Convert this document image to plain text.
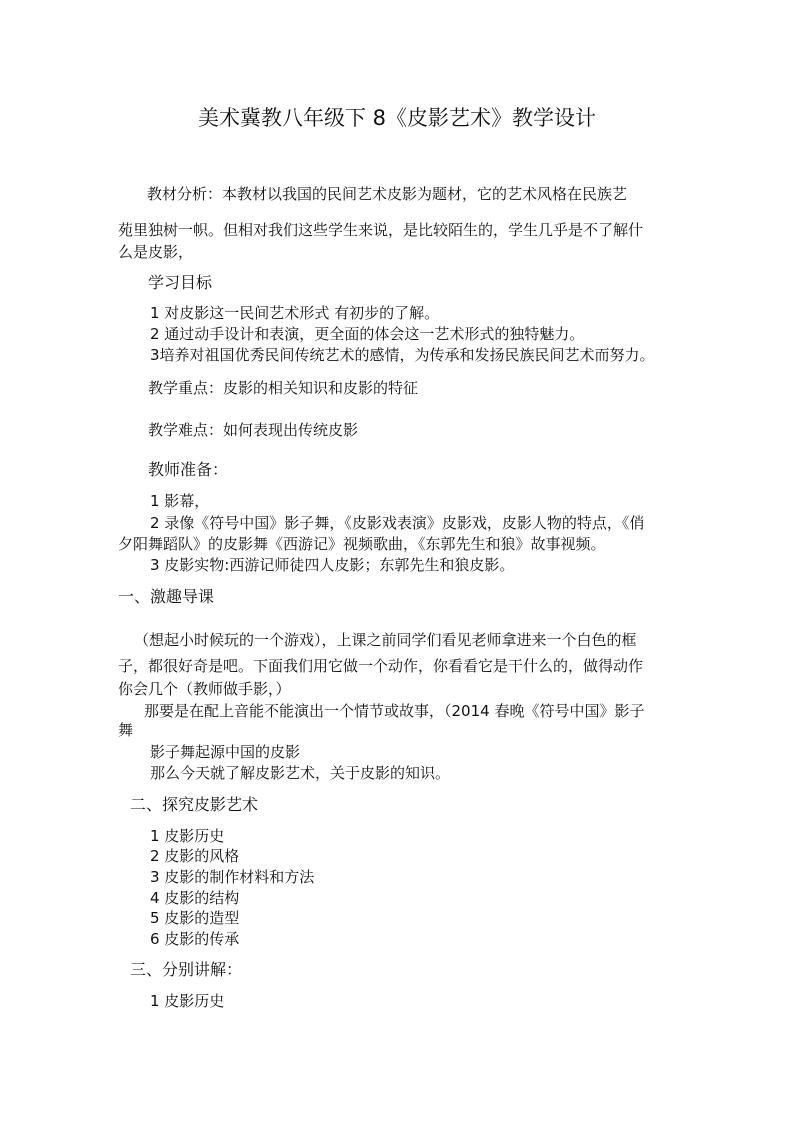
美术冀教八年级下 8《皮影艺术》教学设计
教材分析：本教材以我国的民间艺术皮影为题材，它的艺术风格在民族艺
苑里独树一帜。但相对我们这些学生来说，是比较陌生的，学生几乎是不了解什
么是皮影，
学习目标
1 对皮影这一民间艺术形式 有初步的了解。
2 通过动手设计和表演，更全面的体会这一艺术形式的独特魅力。
3培养对祖国优秀民间传统艺术的感情，为传承和发扬民族民间艺术而努力。
教学重点：皮影的相关知识和皮影的特征
教学难点：如何表现出传统皮影
教师准备：
1 影幕，
2 录像《符号中国》影子舞，《皮影戏表演》皮影戏，皮影人物的特点，《俏
夕阳舞蹈队》的皮影舞《西游记》视频歌曲，《东郭先生和狼》故事视频。
3 皮影实物:西游记师徒四人皮影；东郭先生和狼皮影。
一、激趣导课
（想起小时候玩的一个游戏），上课之前同学们看见老师拿进来一个白色的框
子，都很好奇是吧。下面我们用它做一个动作，你看看它是干什么的，做得动作
你会几个（教师做手影，）
那要是在配上音能不能演出一个情节或故事，（2014 春晚《符号中国》影子
舞
影子舞起源中国的皮影
那么今天就了解皮影艺术，关于皮影的知识。
二、探究皮影艺术
1 皮影历史
2 皮影的风格
3 皮影的制作材料和方法
4 皮影的结构
5 皮影的造型
6 皮影的传承
三、分别讲解：
1 皮影历史
